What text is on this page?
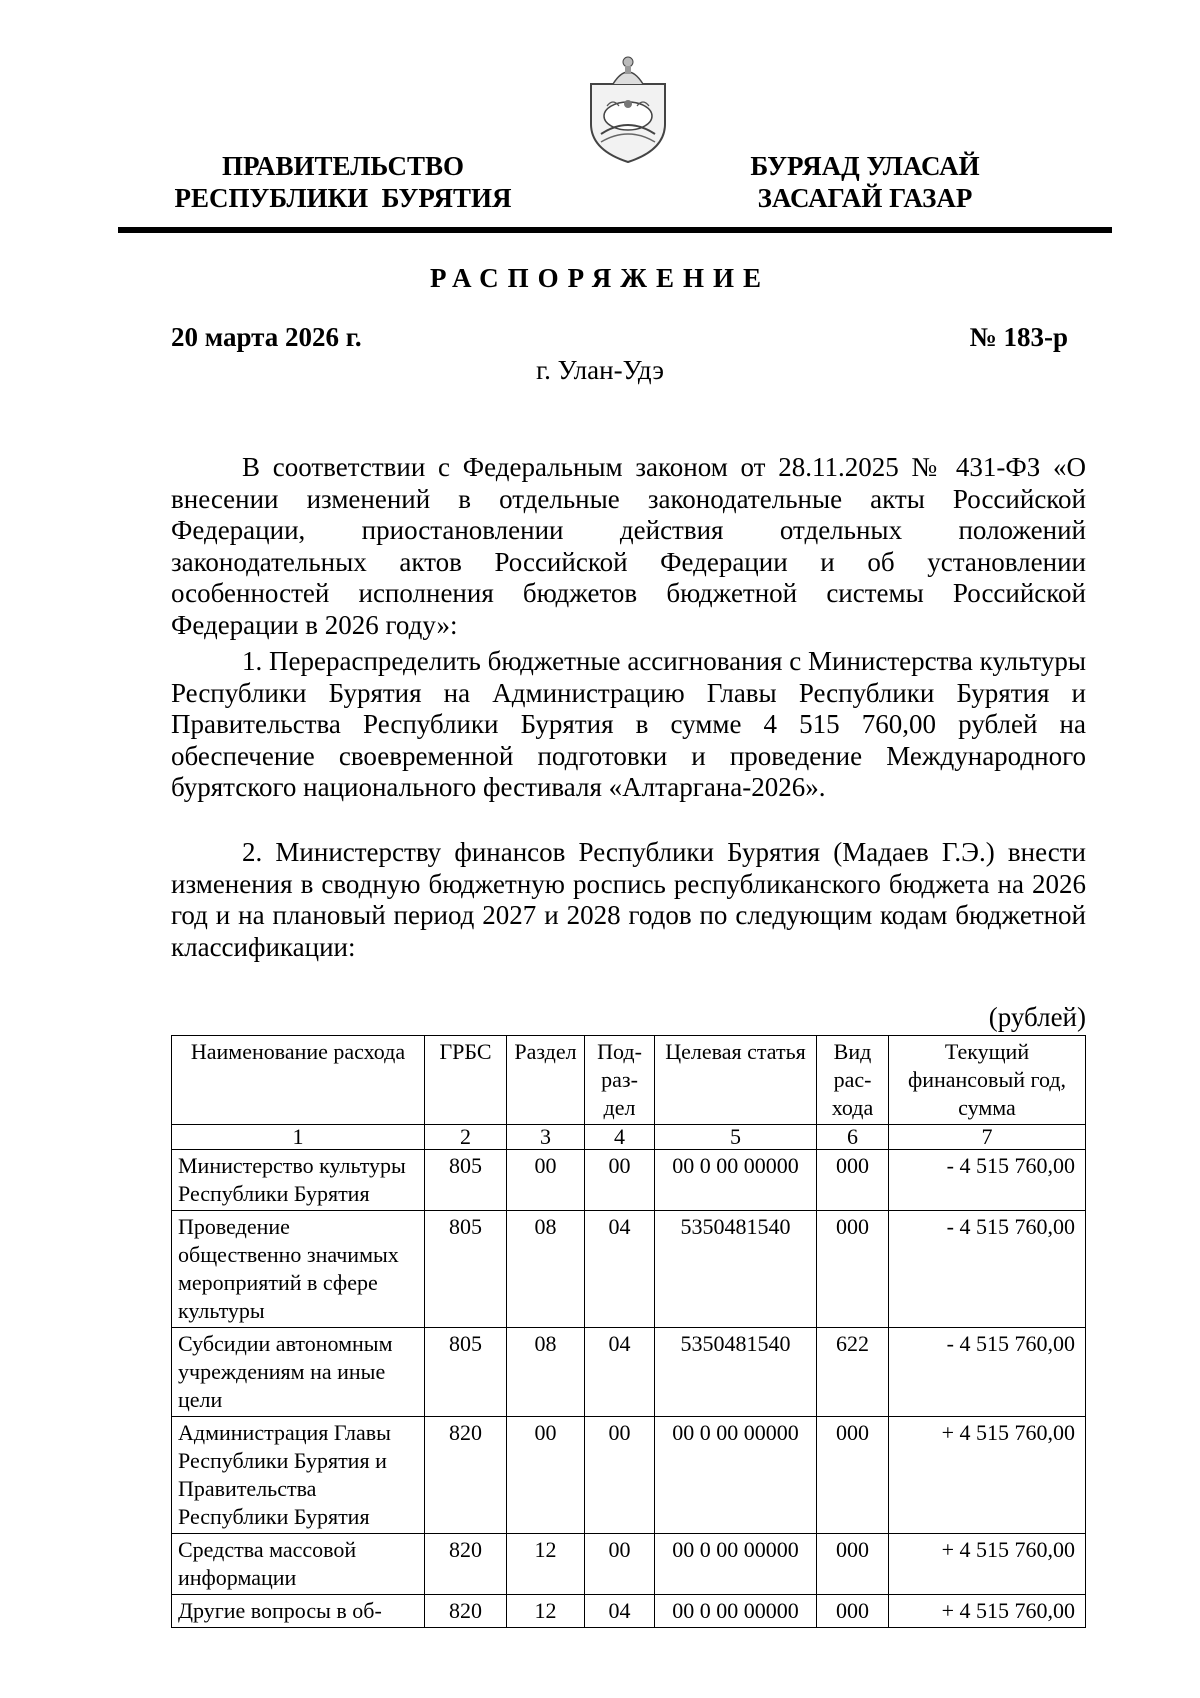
ПРАВИТЕЛЬСТВО
РЕСПУБЛИКИ  БУРЯТИЯ
БУРЯАД УЛАСАЙ
ЗАСАГАЙ ГАЗАР
РАСПОРЯЖЕНИЕ
20 марта 2026 г.	№ 183-р
г. Улан-Удэ

В соответствии с Федеральным законом от 28.11.2025 № 431-ФЗ «О внесении изменений в отдельные законодательные акты Российской Федерации, приостановлении действия отдельных положений законодательных актов Российской Федерации и об установлении особенностей исполнения бюджетов бюджетной системы Российской Федерации в 2026 году»:

1. Перераспределить бюджетные ассигнования с Министерства культуры Республики Бурятия на Администрацию Главы Республики Бурятия и Правительства Республики Бурятия в сумме 4 515 760,00 рублей на обеспечение своевременной подготовки и проведение Международного бурятского национального фестиваля «Алтаргана-2026».

2. Министерству финансов Республики Бурятия (Мадаев Г.Э.) внести изменения в сводную бюджетную роспись республиканского бюджета на 2026 год и на плановый период 2027 и 2028 годов по следующим кодам бюджетной классификации:

(рублей)
Наименование расхода	ГРБС	Раздел	Подраздел	Целевая статья	Вид расхода	Текущий финансовый год, сумма
1	2	3	4	5	6	7
Министерство культуры Республики Бурятия	805	00	00	00 0 00 00000	000	- 4 515 760,00
Проведение общественно значимых мероприятий в сфере культуры	805	08	04	5350481540	000	- 4 515 760,00
Субсидии автономным учреждениям на иные цели	805	08	04	5350481540	622	- 4 515 760,00
Администрация Главы Республики Бурятия и Правительства Республики Бурятия	820	00	00	00 0 00 00000	000	+ 4 515 760,00
Средства массовой информации	820	12	00	00 0 00 00000	000	+ 4 515 760,00
Другие вопросы в об-	820	12	04	00 0 00 00000	000	+ 4 515 760,00
